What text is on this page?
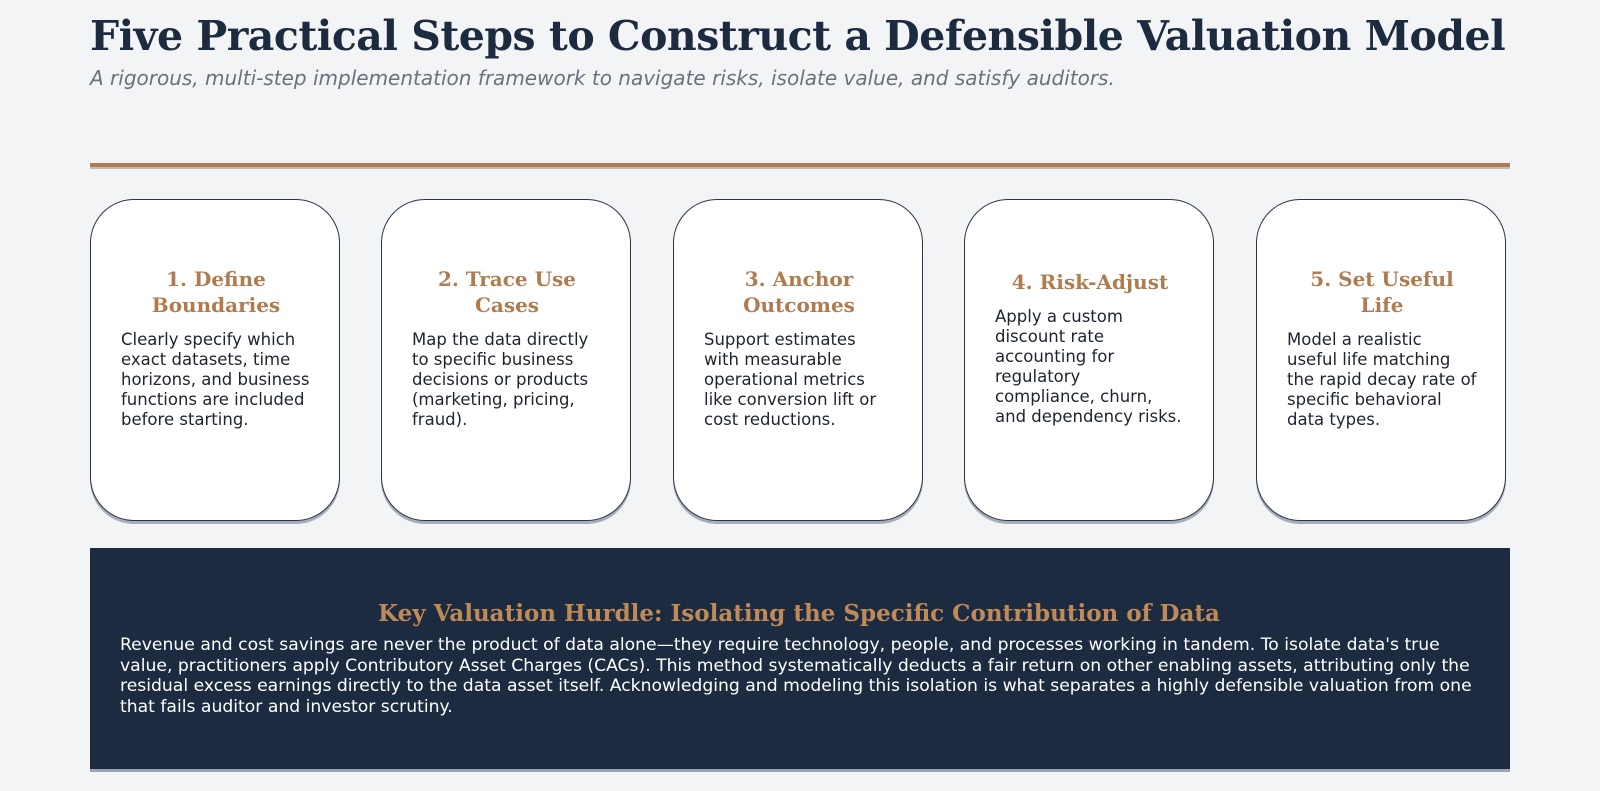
Five Practical Steps to Construct a Defensible Valuation Model

A rigorous, multi-step implementation framework to navigate risks, isolate value, and satisfy auditors.

1. Define Boundaries
Clearly specify which exact datasets, time horizons, and business functions are included before starting.
2. Trace Use Cases
Map the data directly to specific business decisions or products (marketing, pricing, fraud).
3. Anchor Outcomes
Support estimates with measurable operational metrics like conversion lift or cost reductions.
4. Risk-Adjust
Apply a custom discount rate accounting for regulatory compliance, churn, and dependency risks.
5. Set Useful Life
Model a realistic useful life matching the rapid decay rate of specific behavioral data types.
Key Valuation Hurdle: Isolating the Specific Contribution of Data

Revenue and cost savings are never the product of data alone—they require technology, people, and processes working in tandem. To isolate data's true value, practitioners apply Contributory Asset Charges (CACs). This method systematically deducts a fair return on other enabling assets, attributing only the residual excess earnings directly to the data asset itself. Acknowledging and modeling this isolation is what separates a highly defensible valuation from one that fails auditor and investor scrutiny.
